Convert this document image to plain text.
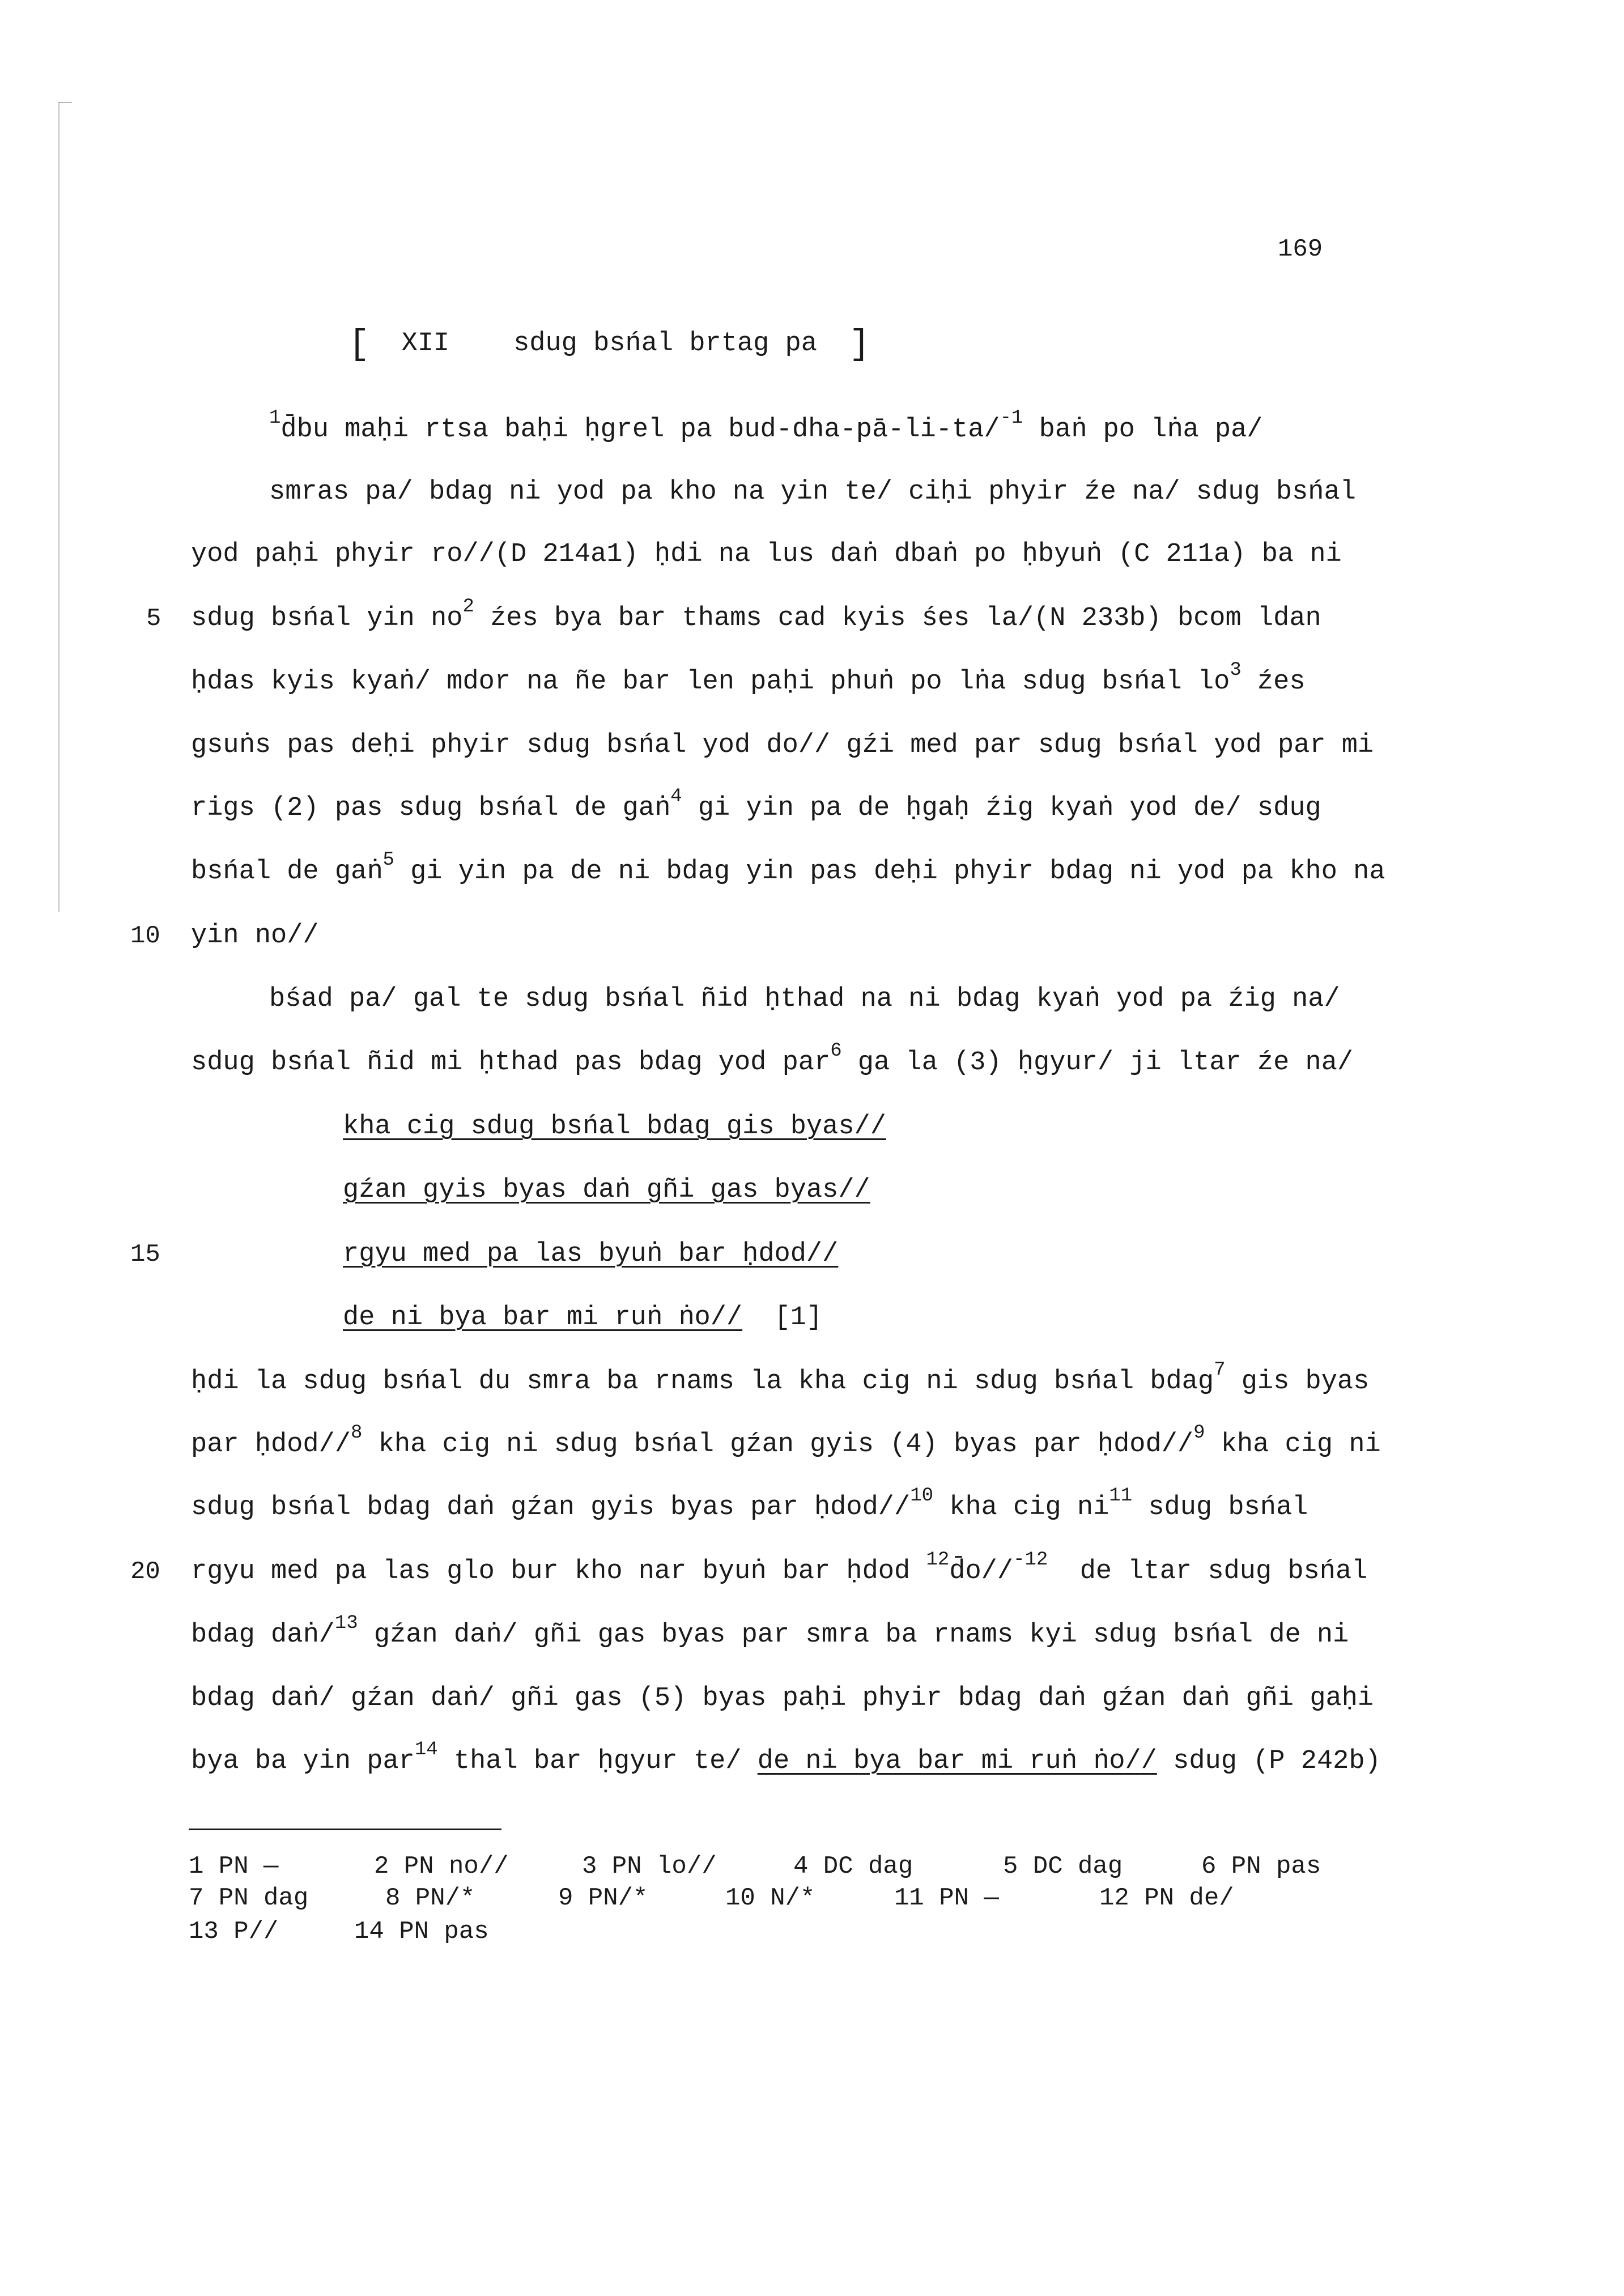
169
[ XII    sdug bsńal brtag pa ]
$^1$d̄bu maḥi rtsa baḥi ḥgrel pa bud-dha-pā-li-ta/$^{-1}$ baṅ po lṅa pa/
smras pa/ bdag ni yod pa kho na yin te/ ciḥi phyir źe na/ sdug bsńal
yod paḥi phyir ro//(D 214a1) ḥdi na lus daṅ dbaṅ po ḥbyuṅ (C 211a) ba ni
sdug bsńal yin $no^2$ źes bya bar thams cad kyis śes la/(N 233b) bcom ldan
5
ḥdas kyis kyaṅ/ mdor na ñe bar len paḥi phuṅ po lṅa sdug bsńal $lo^3$ źes
gsuṅs pas deḥi phyir sdug bsńal yod do// gźi med par sdug bsńal yod par mi
rigs (2) pas sdug bsńal de gaṅ$^4$ gi yin pa de ḥgaḥ źig kyaṅ yod de/ sdug
bsńal de gaṅ$^5$ gi yin pa de ni bdag yin pas deḥi phyir bdag ni yod pa kho na
yin no//
10
bśad pa/ gal te sdug bsńal ñid ḥthad na ni bdag kyaṅ yod pa źig na/
sdug bsńal ñid mi ḥthad pas bdag yod par$^6$ ga la (3) ḥgyur/ ji ltar źe na/
kha cig sdug bsńal bdag gis byas//
gźan gyis byas daṅ gñi gas byas//
rgyu med pa las byuṅ bar ḥdod//
15
de ni bya bar mi ruṅ ṅo//  [1]
ḥdi la sdug bsńal du smra ba rnams la kha cig ni sdug bsńal bdag$^7$ gis byas
par ḥdod//$^8$ kha cig ni sdug bsńal gźan gyis (4) byas par ḥdod//$^9$ kha cig ni
sdug bsńal bdag daṅ gźan gyis byas par ḥdod//$^{10}$ kha cig $ni^{11}$ sdug bsńal
rgyu med pa las glo bur kho nar byuṅ bar ḥdod $^{12}$d̄o//$^{-12}$  de ltar sdug bsńal
20
bdag daṅ/$^{13}$ gźan daṅ/ gñi gas byas par smra ba rnams kyi sdug bsńal de ni
bdag daṅ/ gźan daṅ/ gñi gas (5) byas paḥi phyir bdag daṅ gźan daṅ gñi gaḥi
bya ba yin par$^{14}$ thal bar ḥgyur te/ de ni bya bar mi ruṅ ṅo// sdug (P 242b)
1 PN —	2 PN no//	3 PN lo//	4 DC dag	5 DC dag	6 PN pas
7 PN dag	8 PN/*	9 PN/*	10 N/*	11 PN —	12 PN de/
13 P//	14 PN pas
